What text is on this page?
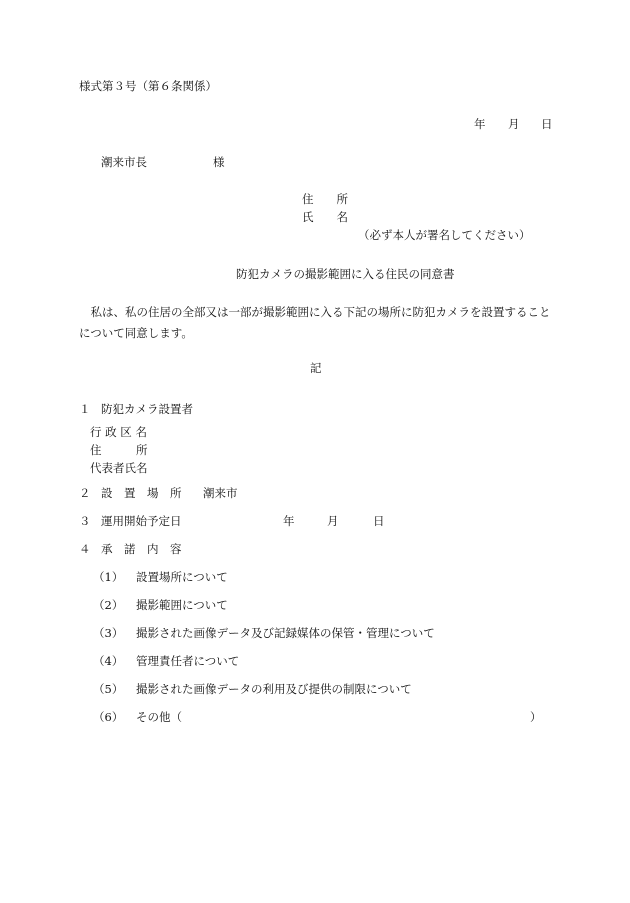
様式第３号（第６条関係）
年 月 日
潮来市長	様
住　　所
氏　　名
（必ず本人が署名してください）
防犯カメラの撮影範囲に入る住民の同意書
　私は、私の住居の全部又は一部が撮影範囲に入る下記の場所に防犯カメラを設置することについて同意します。
記
１ 防犯カメラ設置者
行 政 区 名
住　　　所
代表者氏名
２ 設　置　場　所 潮来市
３ 運用開始予定日	年	月	日
４ 承　諾　内　容
（1） 設置場所について
（2） 撮影範囲について
（3） 撮影された画像データ及び記録媒体の保管・管理について
（4） 管理責任者について
（5） 撮影された画像データの利用及び提供の制限について
（6） その他（	）
